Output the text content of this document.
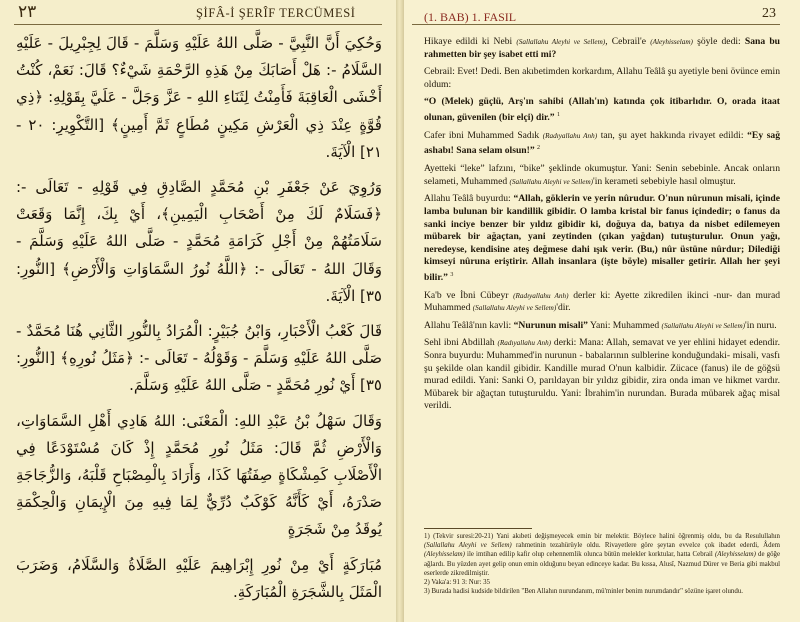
٢٣	ŞİFÂ-İ ŞERÎF TERCÜMESİ

وَحُكِيَ أَنَّ النَّبِيَّ - صَلَّى اللهُ عَلَيْهِ وَسَلَّمَ - قَالَ لِجِبْرِيلَ - عَلَيْهِ السَّلَامُ -: هَلْ أَصَابَكَ مِنْ هَذِهِ الرَّحْمَةِ شَيْءٌ؟ قَالَ: نَعَمْ، كُنْتُ أَخْشَى الْعَاقِبَةَ فَأَمِنْتُ لِثَنَاءِ اللهِ - عَزَّ وَجَلَّ - عَلَيَّ بِقَوْلِهِ: ﴿ذِي قُوَّةٍ عِنْدَ ذِي الْعَرْشِ مَكِينٍ مُطَاعٍ ثَمَّ أَمِينٍ﴾ [التَّكْوِيرِ: ٢٠ - ٢١] الْآيَةَ.

وَرُوِيَ عَنْ جَعْفَرِ بْنِ مُحَمَّدٍ الصَّادِقِ فِي قَوْلِهِ - تَعَالَى -: ﴿فَسَلَامٌ لَكَ مِنْ أَصْحَابِ الْيَمِينِ﴾، أَيْ بِكَ، إِنَّمَا وَقَعَتْ سَلَامَتُهُمْ مِنْ أَجْلِ كَرَامَةِ مُحَمَّدٍ - صَلَّى اللهُ عَلَيْهِ وَسَلَّمَ - وَقَالَ اللهُ - تَعَالَى -: ﴿اللَّهُ نُورُ السَّمَاوَاتِ وَالْأَرْضِ﴾ [النُّورِ: ٣٥] الْآيَةَ.

قَالَ كَعْبُ الْأَحْبَارِ، وَابْنُ جُبَيْرٍ: الْمُرَادُ بِالنُّورِ الثَّانِي هُنَا مُحَمَّدٌ - صَلَّى اللهُ عَلَيْهِ وَسَلَّمَ - وَقَوْلُهُ - تَعَالَى -: ﴿مَثَلُ نُورِهِ﴾ [النُّورِ: ٣٥] أَيْ نُورِ مُحَمَّدٍ - صَلَّى اللهُ عَلَيْهِ وَسَلَّمَ.

وَقَالَ سَهْلُ بْنُ عَبْدِ اللهِ: الْمَعْنَى: اللهُ هَادِي أَهْلِ السَّمَاوَاتِ، وَالْأَرْضِ ثُمَّ قَالَ: مَثَلُ نُورِ مُحَمَّدٍ إِذْ كَانَ مُسْتَوْدَعًا فِي الْأَصْلَابِ كَمِشْكَاةٍ صِفَتُهَا كَذَا، وَأَرَادَ بِالْمِصْبَاحِ قَلْبَهُ، وَالزُّجَاجَةِ صَدْرَهُ، أَيْ كَأَنَّهُ كَوْكَبٌ دُرِّيٌّ لِمَا فِيهِ مِنَ الْإِيمَانِ وَالْحِكْمَةِ يُوقَدُ مِنْ شَجَرَةٍ

مُبَارَكَةٍ أَيْ مِنْ نُورِ إِبْرَاهِيمَ عَلَيْهِ الصَّلَاةُ وَالسَّلَامُ، وَضَرَبَ الْمَثَلَ بِالشَّجَرَةِ الْمُبَارَكَةِ.

(1. BAB) 1. FASIL	23

Hikaye edildi ki Nebi (Sallallahu Aleyhi ve Sellem), Cebrail'e (Aleyhisselam) şöyle dedi: Sana bu rahmetten bir şey isabet etti mi?

Cebrail: Evet! Dedi. Ben akıbetimden korkardım, Allahu Teâlâ şu ayetiyle beni övünce emin oldum:

“O (Melek) güçlü, Arş'ın sahibi (Allah'ın) katında çok itibarlıdır. O, orada itaat olunan, güvenilen (bir elçi) dir.” $^1$

Cafer ibni Muhammed Sadık (Radıyallahu Anh) tan, şu ayet hakkında rivayet edildi: “Ey sağ ashabı! Sana selam olsun!” $^2$

Ayetteki “leke” lafzını, “bike” şeklinde okumuştur. Yani: Senin sebebinle. Ancak onların selameti, Muhammed (Sallallahu Aleyhi ve Sellem)'in kerameti sebebiyle hasıl olmuştur.

Allahu Teâlâ buyurdu: “Allah, göklerin ve yerin nûrudur. O'nun nûrunun misali, içinde lamba bulunan bir kandillik gibidir. O lamba kristal bir fanus içindedir; o fanus da sanki inciye benzer bir yıldız gibidir ki, doğuya da, batıya da nisbet edilemeyen mübarek bir ağaçtan, yani zeytinden (çıkan yağdan) tutuşturulur. Onun yağı, neredeyse, kendisine ateş değmese dahi ışık verir. (Bu,) nûr üstüne nûrdur; Dilediği kimseyi nûruna eriştirir. Allah insanlara (işte böyle) misaller getirir. Allah her şeyi bilir.” $^3$

Ka'b ve İbni Cübeyr (Radıyallahu Anh) derler ki: Ayette zikredilen ikinci -nur- dan murad Muhammed (Sallallahu Aleyhi ve Sellem)'dir.

Allahu Teâlâ'nın kavli: “Nurunun misali” Yani: Muhammed (Sallallahu Aleyhi ve Sellem)'in nuru.

Sehl ibni Abdillah (Radıyallahu Anh) derki: Mana: Allah, semavat ve yer ehlini hidayet edendir. Sonra buyurdu: Muhammed'in nurunun - babalarının sulblerine konduğundaki- misali, vasfı şu şekilde olan kandil gibidir. Kandille murad O'nun kalbidir. Zücace (fanus) ile de göğsü murad edildi. Yani: Sanki O, parıldayan bir yıldız gibidir, zira onda iman ve hikmet vardır. Mübarek bir ağaçtan tutuşturuldu. Yani: İbrahim'in nurundan. Burada mübarek ağaç misal verildi.

1) (Tekvir suresi:20-21) Yani akıbeti değişmeyecek emin bir melektir. Böylece halini öğrenmiş oldu, bu da Resulullahın (Sallallahu Aleyhi ve Sellem) rahmetinin tezahürüyle oldu. Rivayetlere göre şeytan evvelce çok ibadet ederdi, Âdem (Aleyhisselam) ile imtihan edilip kafir olup cehennemlik olunca bütün melekler korktular, hatta Cebrail (Aleyhisselam) de göğe ağlardı. Bu yüzden ayet gelip onun emin olduğunu beyan edinceye kadar. Bu kıssa, Alusî, Nazmud Dürer ve Beria gibi makbul eserlerde zikredilmiştir.

2) Vaka'a: 91 3: Nur: 35

3) Burada hadisi kudside bildirilen "Ben Allahın nurundanım, mü'minler benim nurumdandır" sözüne işaret olundu.
